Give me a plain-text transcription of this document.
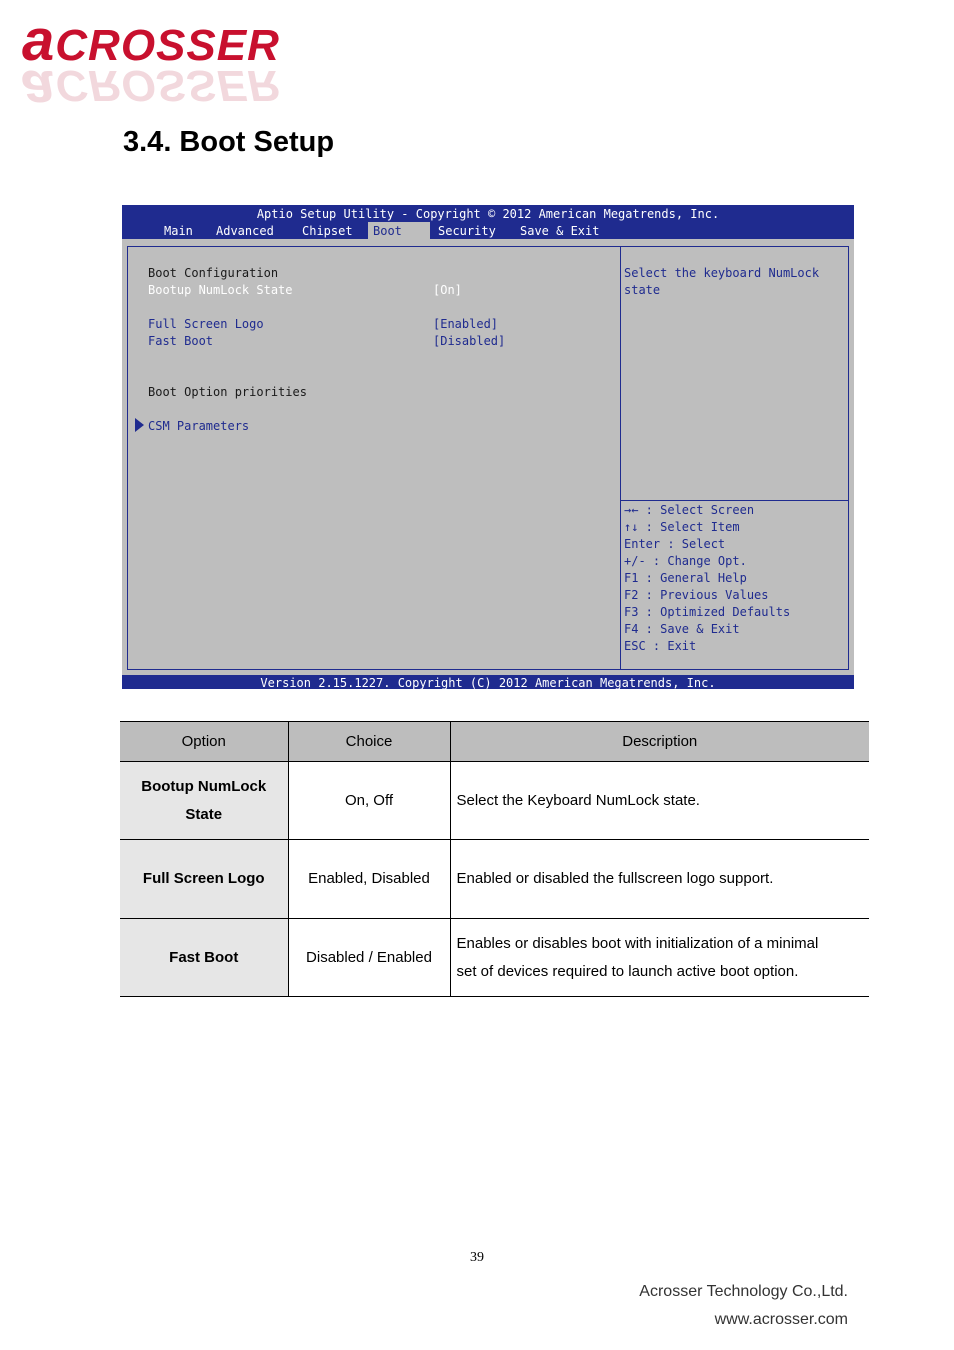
aCROSSER
aCROSSER
3.4. Boot Setup
Aptio Setup Utility - Copyright © 2012 American Megatrends, Inc.
Main	Advanced	Chipset	Boot	Security	Save & Exit
Boot Configuration
Bootup NumLock State	[On]
Full Screen Logo	[Enabled]
Fast Boot	[Disabled]
Boot Option priorities
CSM Parameters
Select the keyboard NumLock
state
→← : Select Screen
↑↓ : Select Item
Enter : Select
+/- : Change Opt.
F1 : General Help
F2 : Previous Values
F3 : Optimized Defaults
F4 : Save & Exit
ESC : Exit
Version 2.15.1227. Copyright (C) 2012 American Megatrends, Inc.
Option	Choice	Description
Bootup NumLock
State	On, Off	Select the Keyboard NumLock state.
Full Screen Logo	Enabled, Disabled	Enabled or disabled the fullscreen logo support.
Fast Boot	Disabled / Enabled	Enables or disables boot with initialization of a minimal
set of devices required to launch active boot option.
39
Acrosser Technology Co.,Ltd.
www.acrosser.com
